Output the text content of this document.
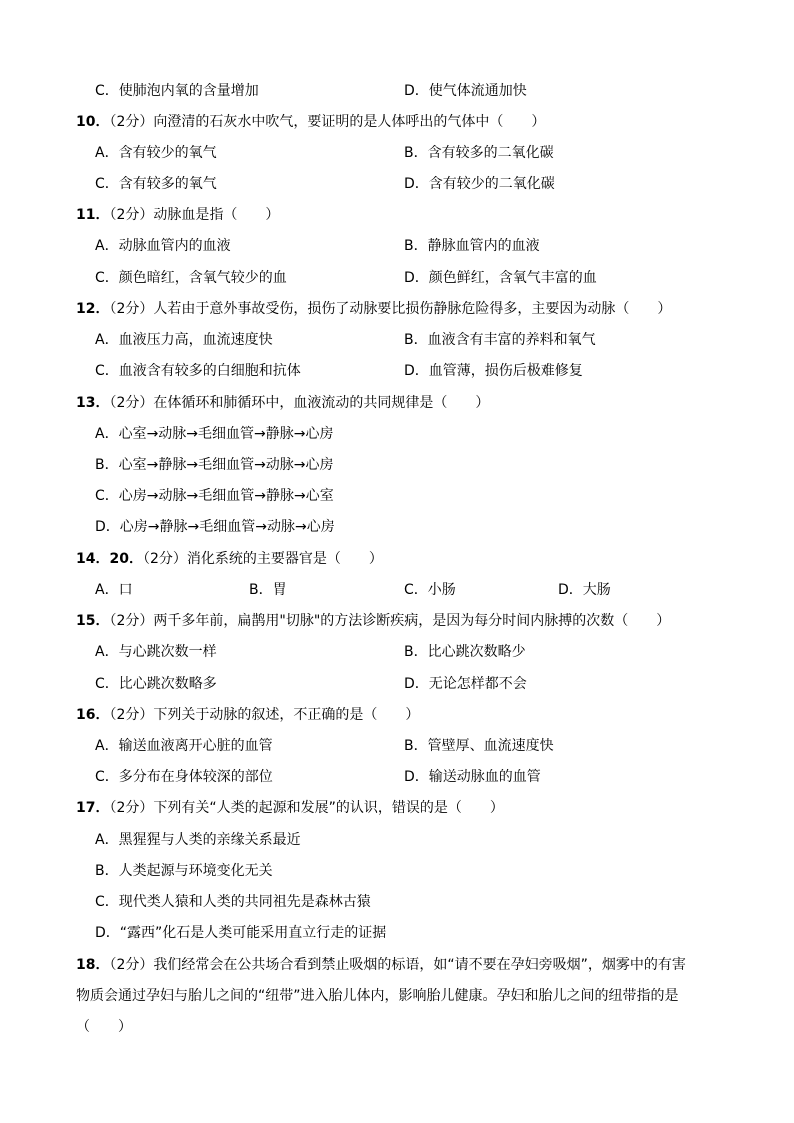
C．使肺泡内氧的含量增加	D．使气体流通加快
10．（2分）向澄清的石灰水中吹气，要证明的是人体呼出的气体中（　　）
A．含有较少的氧气	B．含有较多的二氧化碳
C．含有较多的氧气	D．含有较少的二氧化碳
11．（2分）动脉血是指（　　）
A．动脉血管内的血液	B．静脉血管内的血液
C．颜色暗红，含氧气较少的血	D．颜色鲜红，含氧气丰富的血
12．（2分）人若由于意外事故受伤，损伤了动脉要比损伤静脉危险得多，主要因为动脉（　　）
A．血液压力高，血流速度快	B．血液含有丰富的养料和氧气
C．血液含有较多的白细胞和抗体	D．血管薄，损伤后极难修复
13．（2分）在体循环和肺循环中，血液流动的共同规律是（　　）
A．心室→动脉→毛细血管→静脉→心房
B．心室→静脉→毛细血管→动脉→心房
C．心房→动脉→毛细血管→静脉→心室
D．心房→静脉→毛细血管→动脉→心房
14．20．（2分）消化系统的主要器官是（　　）
A．口	B．胃	C．小肠	D．大肠
15．（2分）两千多年前，扁鹊用"切脉"的方法诊断疾病，是因为每分时间内脉搏的次数（　　）
A．与心跳次数一样	B．比心跳次数略少
C．比心跳次数略多	D．无论怎样都不会
16．（2分）下列关于动脉的叙述，不正确的是（　　）
A．输送血液离开心脏的血管	B．管壁厚、血流速度快
C．多分布在身体较深的部位	D．输送动脉血的血管
17．（2分）下列有关“人类的起源和发展”的认识，错误的是（　　）
A．黑猩猩与人类的亲缘关系最近
B．人类起源与环境变化无关
C．现代类人猿和人类的共同祖先是森林古猿
D．“露西”化石是人类可能采用直立行走的证据
18．（2分）我们经常会在公共场合看到禁止吸烟的标语，如“请不要在孕妇旁吸烟”，烟雾中的有害
物质会通过孕妇与胎儿之间的“纽带”进入胎儿体内，影响胎儿健康。孕妇和胎儿之间的纽带指的是
（　　）
